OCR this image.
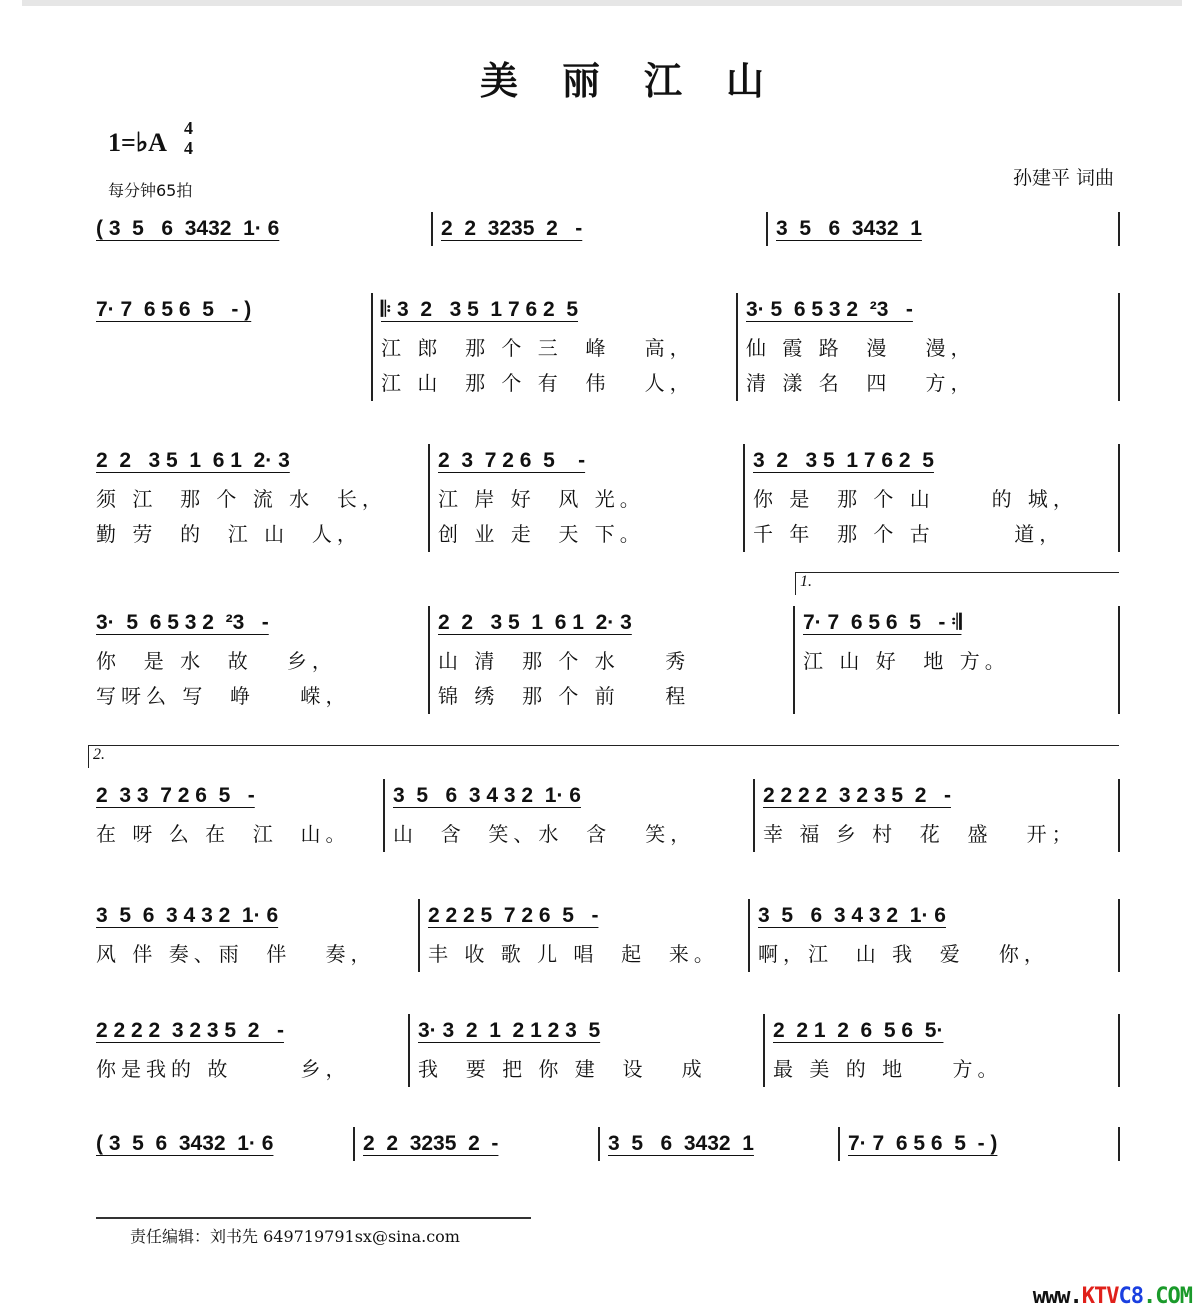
美丽江山
1=♭A 4
4
每分钟65拍
孙建平 词曲
( 3  5   6  3432  1· 6	2  2  3235  2   -	3  5   6  3432  1
7· 7  6 5 6  5   - )	𝄆 3  2   3 5  1 7 6 2  5
江 郎  那 个 三  峰   高，
江 山  那 个 有  伟   人，
3· 5  6 5 3 2  ²3   -
仙 霞 路  漫   漫，
清 漾 名  四   方，
2  2   3 5  1  6 1  2· 3
须 江  那 个 流 水  长，
勤 劳  的  江 山  人，
2  3  7 2 6  5    -
江 岸 好  风 光。
创 业 走  天 下。
3  2   3 5  1 7 6 2  5
你 是  那 个 山     的 城，
千 年  那 个 古       道，
3·  5  6 5 3 2  ²3   -
你  是 水  故   乡，
写呀么 写  峥    嵘，
2  2   3 5  1  6 1  2· 3
山 清  那 个 水    秀
锦 绣  那 个 前    程
1.
7· 7  6 5 6  5   - 𝄇
江 山 好  地 方。
2.
2  3 3  7 2 6  5   -
在 呀 么 在  江  山。
3  5   6  3 4 3 2  1· 6
山  含  笑、水  含   笑，
2 2 2 2  3 2 3 5  2   -
幸 福 乡 村  花  盛   开；
3  5  6  3 4 3 2  1· 6
风 伴 奏、雨  伴   奏，
2 2 2 5  7 2 6  5   -
丰 收 歌 儿 唱  起  来。
3  5   6  3 4 3 2  1· 6
啊，江  山 我  爱   你，
2 2 2 2  3 2 3 5  2   -
你是我的 故      乡，
3· 3  2  1  2 1 2 3  5
我  要 把 你 建  设   成
2  2 1  2  6  5 6  5·
最 美 的 地    方。
( 3  5  6  3432  1· 6	2  2  3235  2  -	3  5   6  3432  1	7· 7  6 5 6  5  - )
责任编辑：刘书先 649719791sx@sina.com
www.KTVC8.COM
